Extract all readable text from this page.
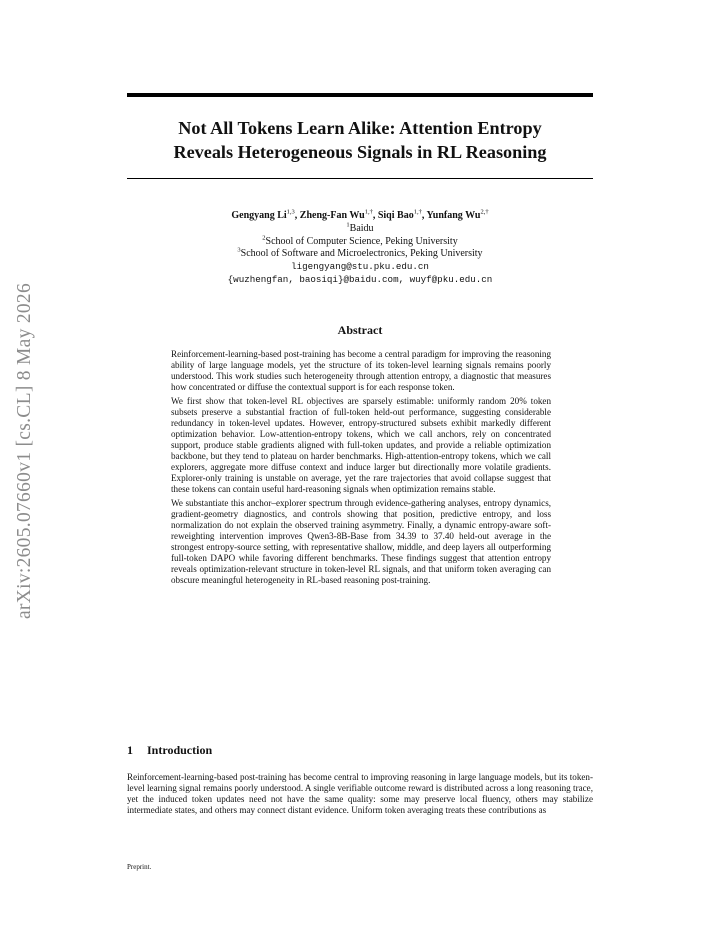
arXiv:2605.07660v1 [cs.CL] 8 May 2026
Not All Tokens Learn Alike: Attention Entropy
Reveals Heterogeneous Signals in RL Reasoning
Gengyang Li$^{1,3}$, Zheng-Fan $Wu^{1,\dagger}$, Siqi Bao$^{1,\dagger}$, Yunfang $Wu^{2,\dagger}$
$^1$Baidu
$^2$School of Computer Science, Peking University
$^3$School of Software and Microelectronics, Peking University
ligengyang@stu.pku.edu.cn
{wuzhengfan, baosiqi}@baidu.com, wuyf@pku.edu.cn
Abstract

Reinforcement-learning-based post-training has become a central paradigm for improving the reasoning ability of large language models, yet the structure of its token-level learning signals remains poorly understood. This work studies such heterogeneity through attention entropy, a diagnostic that measures how concentrated or diffuse the contextual support is for each response token.

We first show that token-level RL objectives are sparsely estimable: uniformly random 20% token subsets preserve a substantial fraction of full-token held-out performance, suggesting considerable redundancy in token-level updates. However, entropy-structured subsets exhibit markedly different optimization behavior. Low-attention-entropy tokens, which we call anchors, rely on concentrated support, produce stable gradients aligned with full-token updates, and provide a reliable optimization backbone, but they tend to plateau on harder benchmarks. High-attention-entropy tokens, which we call explorers, aggregate more diffuse context and induce larger but directionally more volatile gradients. Explorer-only training is unstable on average, yet the rare trajectories that avoid collapse suggest that these tokens can contain useful hard-reasoning signals when optimization remains stable.

We substantiate this anchor–explorer spectrum through evidence-gathering analyses, entropy dynamics, gradient-geometry diagnostics, and controls showing that position, predictive entropy, and loss normalization do not explain the observed training asymmetry. Finally, a dynamic entropy-aware soft-reweighting intervention improves Qwen3-8B-Base from 34.39 to 37.40 held-out average in the strongest entropy-source setting, with representative shallow, middle, and deep layers all outperforming full-token DAPO while favoring different benchmarks. These findings suggest that attention entropy reveals optimization-relevant structure in token-level RL signals, and that uniform token averaging can obscure meaningful heterogeneity in RL-based reasoning post-training.

1 Introduction

Reinforcement-learning-based post-training has become central to improving reasoning in large language models, but its token-level learning signal remains poorly understood. A single verifiable outcome reward is distributed across a long reasoning trace, yet the induced token updates need not have the same quality: some may preserve local fluency, others may stabilize intermediate states, and others may connect distant evidence. Uniform token averaging treats these contributions as

Preprint.
